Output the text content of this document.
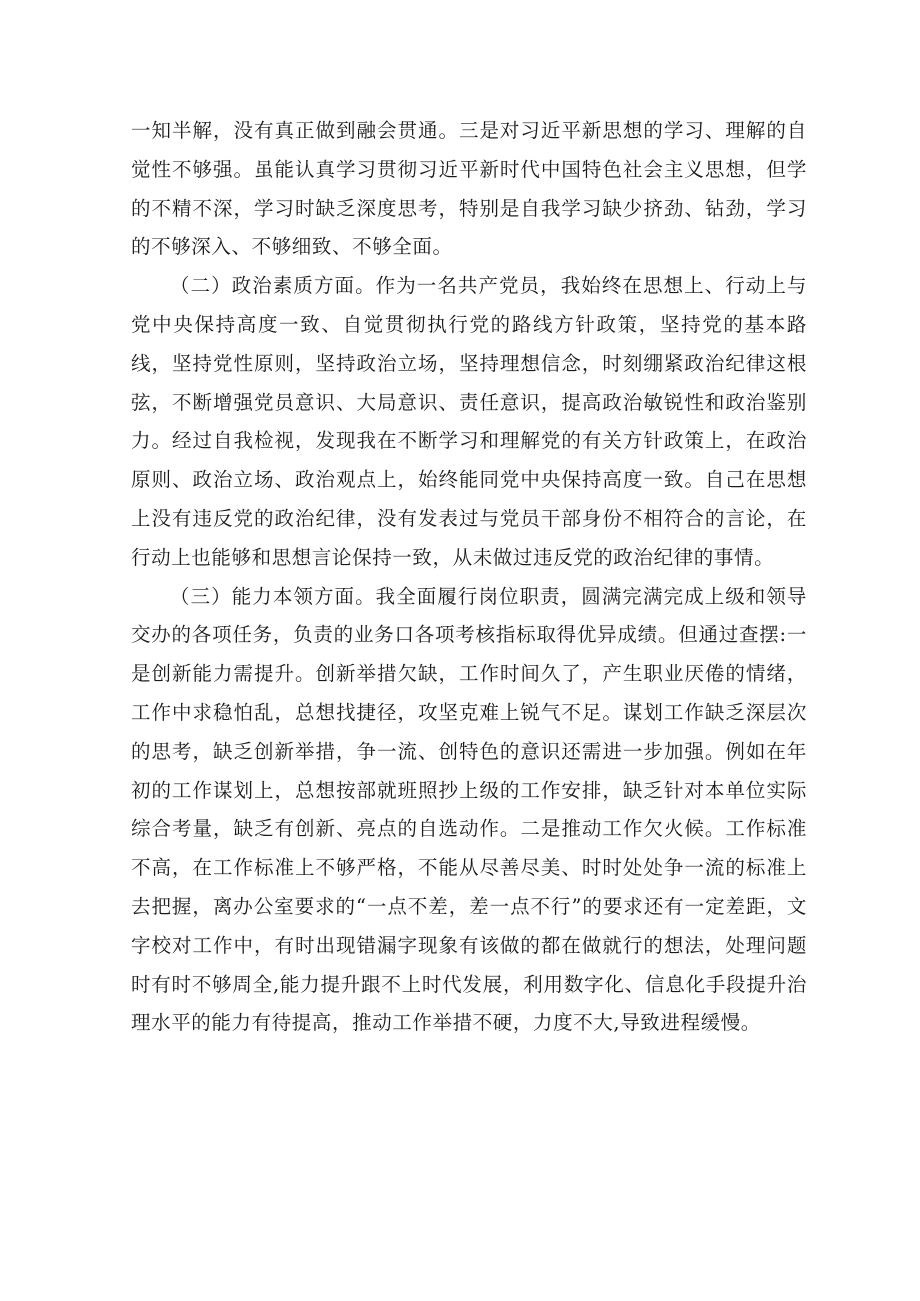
一知半解，没有真正做到融会贯通。三是对习近平新思想的学习、理解的自觉性不够强。虽能认真学习贯彻习近平新时代中国特色社会主义思想，但学的不精不深，学习时缺乏深度思考，特别是自我学习缺少挤劲、钻劲，学习的不够深入、不够细致、不够全面。

（二）政治素质方面。作为一名共产党员，我始终在思想上、行动上与党中央保持高度一致、自觉贯彻执行党的路线方针政策，坚持党的基本路线，坚持党性原则，坚持政治立场，坚持理想信念，时刻绷紧政治纪律这根弦，不断增强党员意识、大局意识、责任意识，提高政治敏锐性和政治鉴别力。经过自我检视，发现我在不断学习和理解党的有关方针政策上，在政治原则、政治立场、政治观点上，始终能同党中央保持高度一致。自己在思想上没有违反党的政治纪律，没有发表过与党员干部身份不相符合的言论，在行动上也能够和思想言论保持一致，从未做过违反党的政治纪律的事情。

（三）能力本领方面。我全面履行岗位职责，圆满完满完成上级和领导交办的各项任务，负责的业务口各项考核指标取得优异成绩。但通过查摆:一是创新能力需提升。创新举措欠缺，工作时间久了，产生职业厌倦的情绪，工作中求稳怕乱，总想找捷径，攻坚克难上锐气不足。谋划工作缺乏深层次的思考，缺乏创新举措，争一流、创特色的意识还需进一步加强。例如在年初的工作谋划上，总想按部就班照抄上级的工作安排，缺乏针对本单位实际综合考量，缺乏有创新、亮点的自选动作。二是推动工作欠火候。工作标准不高，在工作标准上不够严格，不能从尽善尽美、时时处处争一流的标准上去把握，离办公室要求的“一点不差，差一点不行”的要求还有一定差距，文字校对工作中，有时出现错漏字现象有该做的都在做就行的想法，处理问题时有时不够周全,能力提升跟不上时代发展，利用数字化、信息化手段提升治理水平的能力有待提高，推动工作举措不硬，力度不大,导致进程缓慢。
